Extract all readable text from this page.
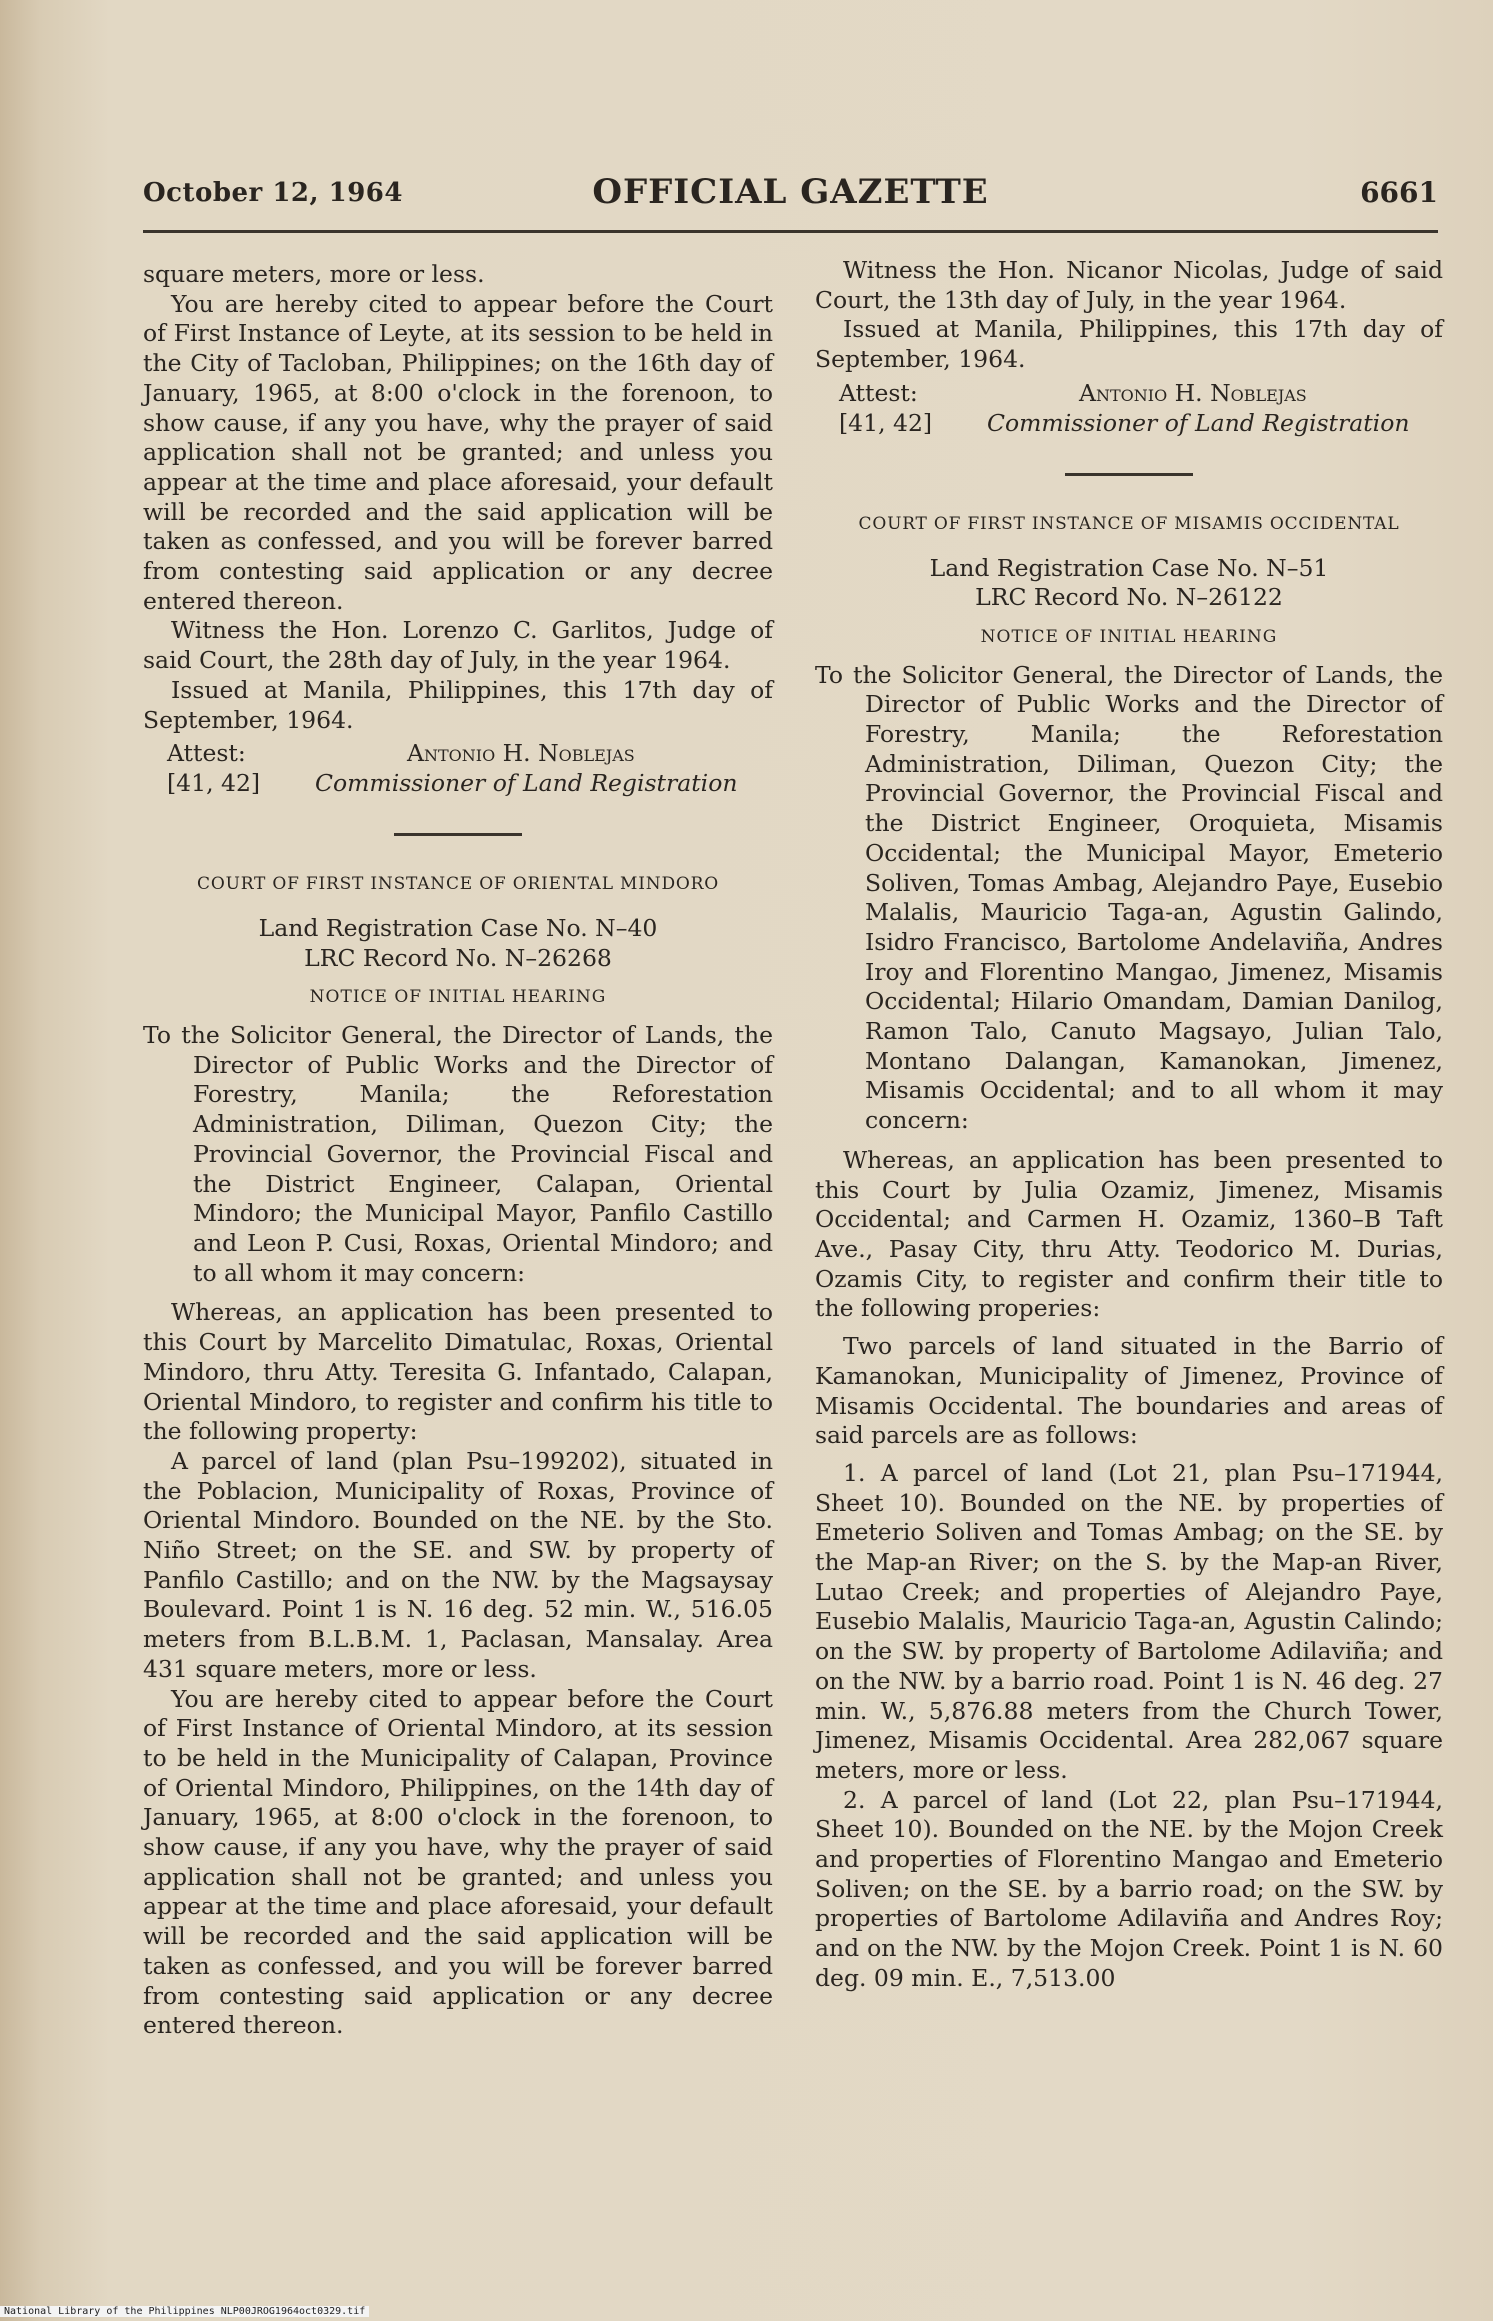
October 12, 1964	OFFICIAL GAZETTE	6661

square meters, more or less.

You are hereby cited to appear before the Court of First Instance of Leyte, at its session to be held in the City of Tacloban, Philippines; on the 16th day of January, 1965, at 8:00 o'clock in the forenoon, to show cause, if any you have, why the prayer of said application shall not be granted; and unless you appear at the time and place aforesaid, your default will be recorded and the said application will be taken as confessed, and you will be forever barred from contesting said application or any decree entered thereon.

Witness the Hon. Lorenzo C. Garlitos, Judge of said Court, the 28th day of July, in the year 1964.

Issued at Manila, Philippines, this 17th day of September, 1964.

Attest:	Antonio H. Noblejas
[41, 42] Commissioner of Land Registration
COURT OF FIRST INSTANCE OF ORIENTAL MINDORO
Land Registration Case No. N–40
LRC Record No. N–26268
NOTICE OF INITIAL HEARING

To the Solicitor General, the Director of Lands, the Director of Public Works and the Director of Forestry, Manila; the Reforestation Administration, Diliman, Quezon City; the Provincial Governor, the Provincial Fiscal and the District Engineer, Calapan, Oriental Mindoro; the Municipal Mayor, Panfilo Castillo and Leon P. Cusi, Roxas, Oriental Mindoro; and to all whom it may concern:

Whereas, an application has been presented to this Court by Marcelito Dimatulac, Roxas, Oriental Mindoro, thru Atty. Teresita G. Infantado, Calapan, Oriental Mindoro, to register and confirm his title to the following property:

A parcel of land (plan Psu–199202), situated in the Poblacion, Municipality of Roxas, Province of Oriental Mindoro. Bounded on the NE. by the Sto. Niño Street; on the SE. and SW. by property of Panfilo Castillo; and on the NW. by the Magsaysay Boulevard. Point 1 is N. 16 deg. 52 min. W., 516.05 meters from B.L.B.M. 1, Paclasan, Mansalay. Area 431 square meters, more or less.

You are hereby cited to appear before the Court of First Instance of Oriental Mindoro, at its session to be held in the Municipality of Calapan, Province of Oriental Mindoro, Philippines, on the 14th day of January, 1965, at 8:00 o'clock in the forenoon, to show cause, if any you have, why the prayer of said application shall not be granted; and unless you appear at the time and place aforesaid, your default will be recorded and the said application will be taken as confessed, and you will be forever barred from contesting said application or any decree entered thereon.

Witness the Hon. Nicanor Nicolas, Judge of said Court, the 13th day of July, in the year 1964.

Issued at Manila, Philippines, this 17th day of September, 1964.

Attest:	Antonio H. Noblejas
[41, 42] Commissioner of Land Registration
COURT OF FIRST INSTANCE OF MISAMIS OCCIDENTAL
Land Registration Case No. N–51
LRC Record No. N–26122
NOTICE OF INITIAL HEARING

To the Solicitor General, the Director of Lands, the Director of Public Works and the Director of Forestry, Manila; the Reforestation Administration, Diliman, Quezon City; the Provincial Governor, the Provincial Fiscal and the District Engineer, Oroquieta, Misamis Occidental; the Municipal Mayor, Emeterio Soliven, Tomas Ambag, Alejandro Paye, Eusebio Malalis, Mauricio Taga-an, Agustin Galindo, Isidro Francisco, Bartolome Andelaviña, Andres Iroy and Florentino Mangao, Jimenez, Misamis Occidental; Hilario Omandam, Damian Danilog, Ramon Talo, Canuto Magsayo, Julian Talo, Montano Dalangan, Kamanokan, Jimenez, Misamis Occidental; and to all whom it may concern:

Whereas, an application has been presented to this Court by Julia Ozamiz, Jimenez, Misamis Occidental; and Carmen H. Ozamiz, 1360–B Taft Ave., Pasay City, thru Atty. Teodorico M. Durias, Ozamis City, to register and confirm their title to the following properies:

Two parcels of land situated in the Barrio of Kamanokan, Municipality of Jimenez, Province of Misamis Occidental. The boundaries and areas of said parcels are as follows:

1. A parcel of land (Lot 21, plan Psu–171944, Sheet 10). Bounded on the NE. by properties of Emeterio Soliven and Tomas Ambag; on the SE. by the Map-an River; on the S. by the Map-an River, Lutao Creek; and properties of Alejandro Paye, Eusebio Malalis, Mauricio Taga-an, Agustin Calindo; on the SW. by property of Bartolome Adilaviña; and on the NW. by a barrio road. Point 1 is N. 46 deg. 27 min. W., 5,876.88 meters from the Church Tower, Jimenez, Misamis Occidental. Area 282,067 square meters, more or less.

2. A parcel of land (Lot 22, plan Psu–171944, Sheet 10). Bounded on the NE. by the Mojon Creek and properties of Florentino Mangao and Emeterio Soliven; on the SE. by a barrio road; on the SW. by properties of Bartolome Adilaviña and Andres Roy; and on the NW. by the Mojon Creek. Point 1 is N. 60 deg. 09 min. E., 7,513.00

National Library of the Philippines NLP00JROG1964oct0329.tif
